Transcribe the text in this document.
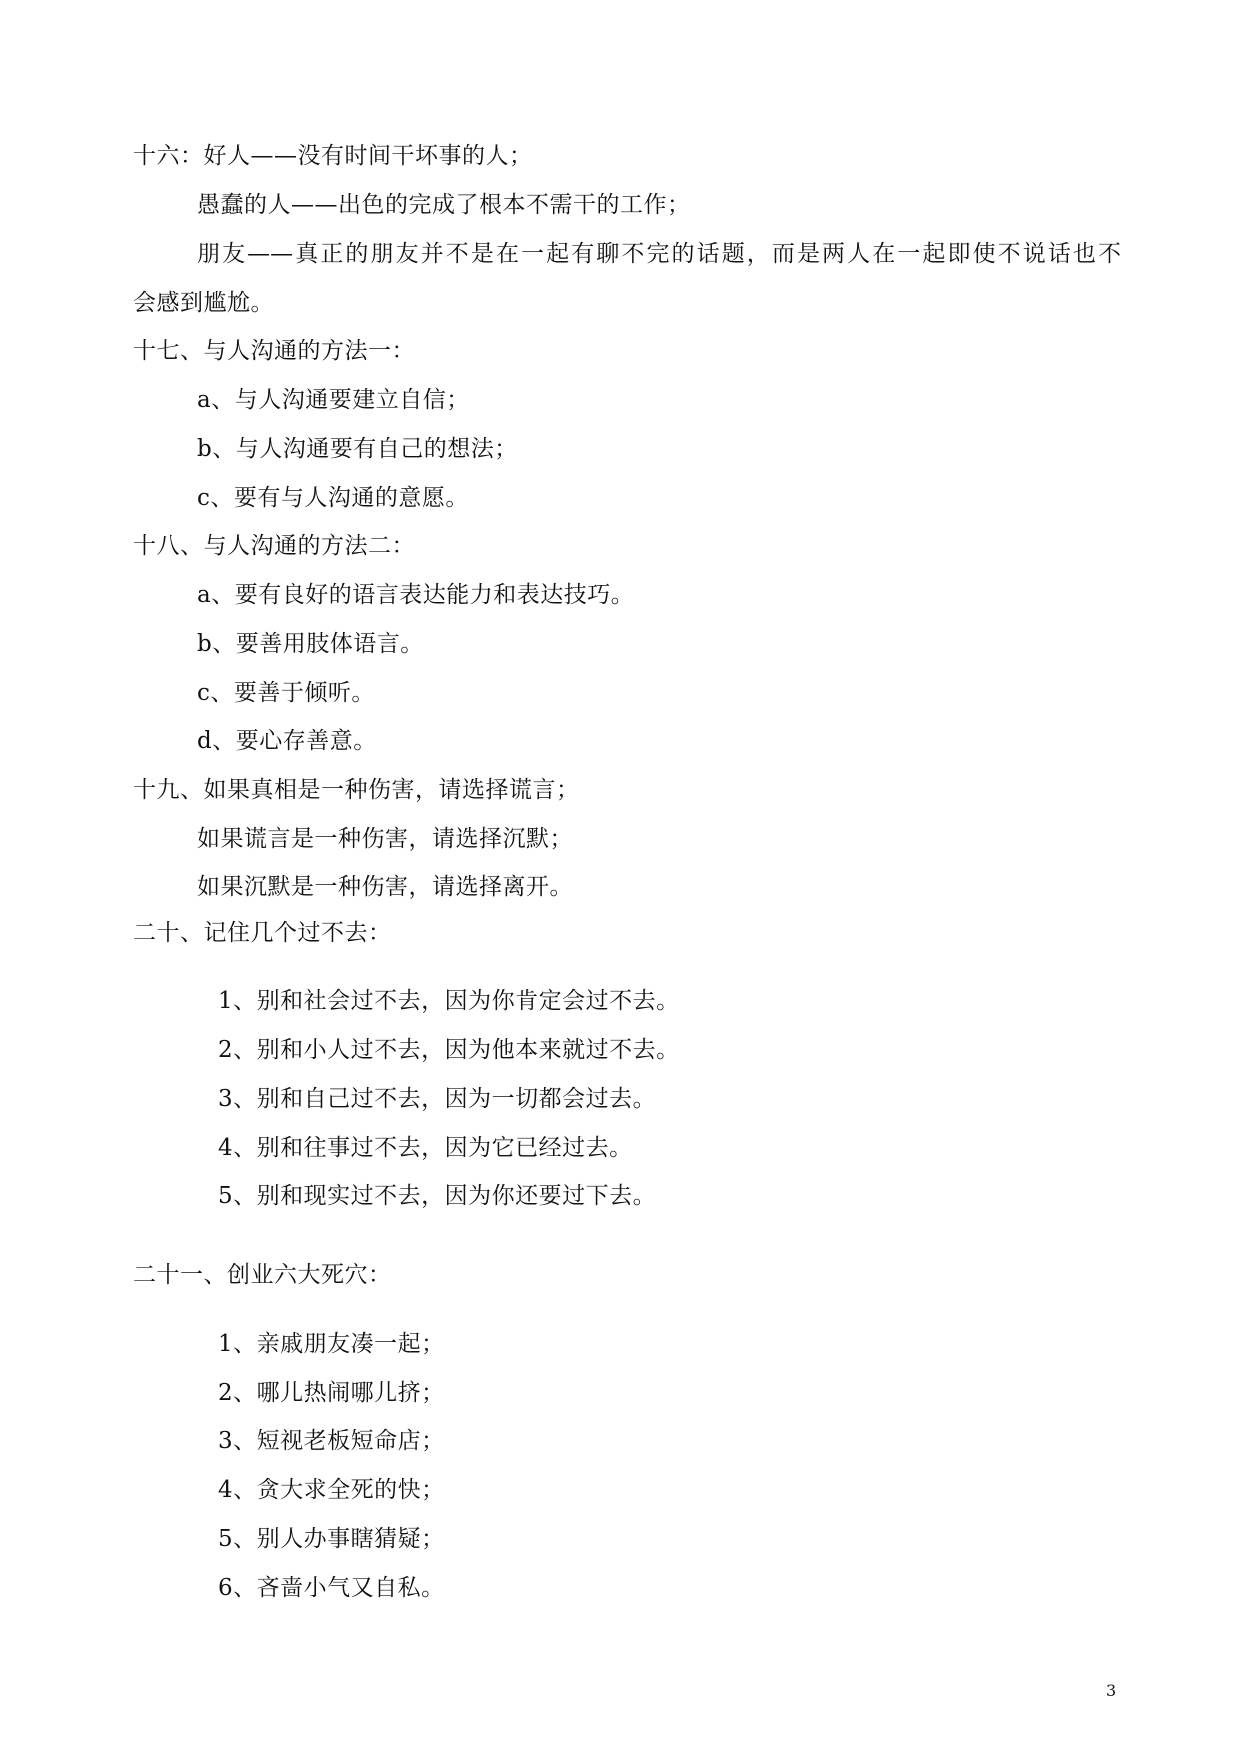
十六：好人——没有时间干坏事的人；
愚蠢的人——出色的完成了根本不需干的工作；
朋友——真正的朋友并不是在一起有聊不完的话题，而是两人在一起即使不说话也不
会感到尴尬。
十七、与人沟通的方法一：
a、与人沟通要建立自信；
b、与人沟通要有自己的想法；
c、要有与人沟通的意愿。
十八、与人沟通的方法二：
a、要有良好的语言表达能力和表达技巧。
b、要善用肢体语言。
c、要善于倾听。
d、要心存善意。
十九、如果真相是一种伤害，请选择谎言；
如果谎言是一种伤害，请选择沉默；
如果沉默是一种伤害，请选择离开。
二十、记住几个过不去：
1、别和社会过不去，因为你肯定会过不去。
2、别和小人过不去，因为他本来就过不去。
3、别和自己过不去，因为一切都会过去。
4、别和往事过不去，因为它已经过去。
5、别和现实过不去，因为你还要过下去。
二十一、创业六大死穴：
1、亲戚朋友凑一起；
2、哪儿热闹哪儿挤；
3、短视老板短命店；
4、贪大求全死的快；
5、别人办事瞎猜疑；
6、吝啬小气又自私。
3
